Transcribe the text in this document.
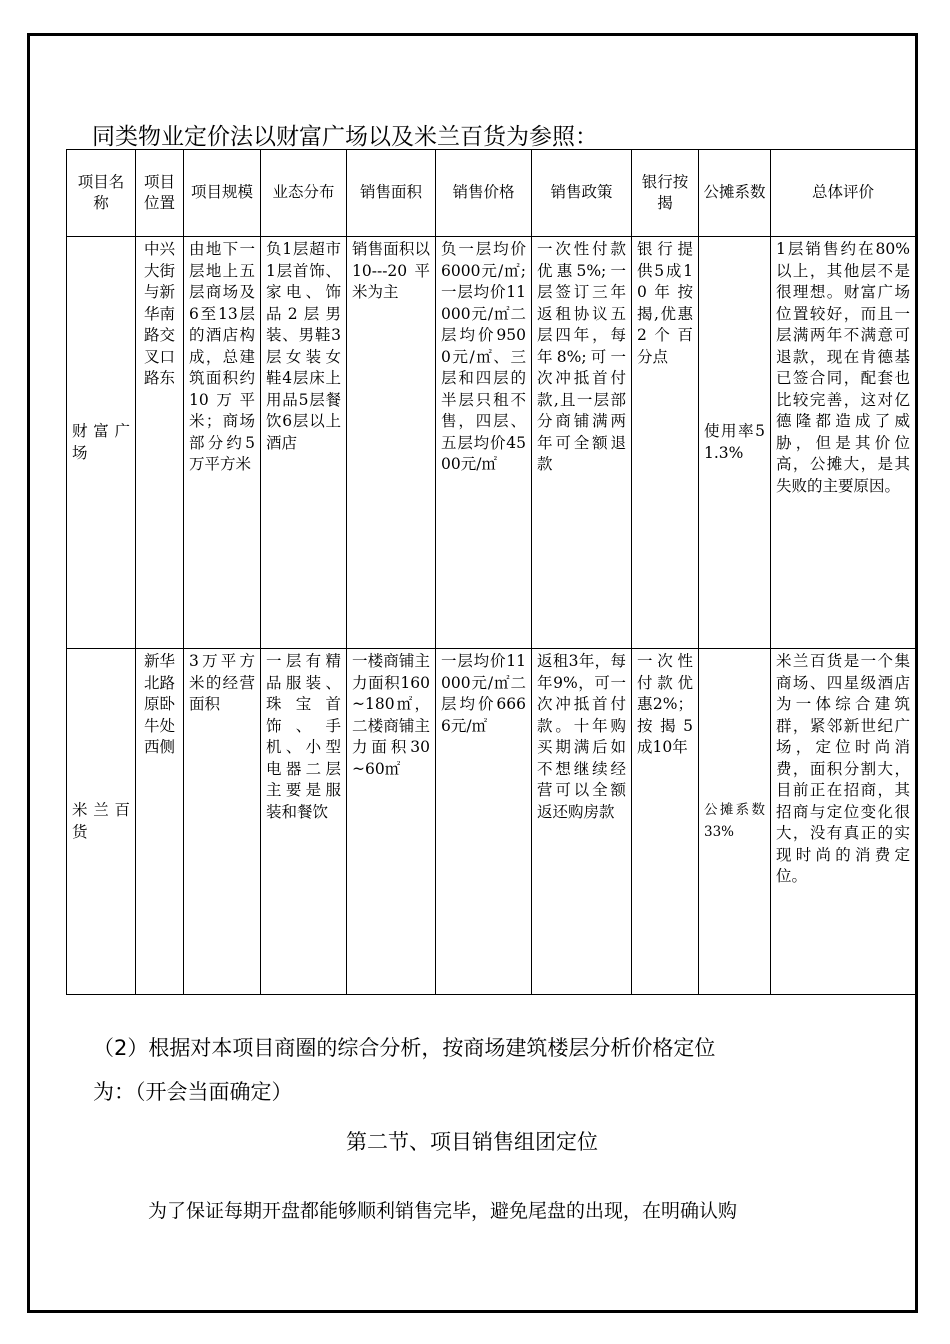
同类物业定价法以财富广场以及米兰百货为参照：
项目名称	项目位置	项目规模	业态分布	销售面积	销售价格	销售政策	银行按揭	公摊系数	总体评价
财富广场	中兴大街与新华南路交叉口路东	由地下一层地上五层商场及6至13层的酒店构成，总建筑面积约10万平米；商场部分约5万平方米	负1层超市1层首饰、家电、饰品2层男装、男鞋3层女装女鞋4层床上用品5层餐饮6层以上酒店	销售面积以10---20平米为主	负一层均价6000元/㎡;一层均价11000元/㎡二层均价9500元/㎡、三层和四层的半层只租不售，四层、五层均价4500元/㎡	一次性付款优惠5%;一层签订三年返租协议五层四年，每年8%;可一次冲抵首付款,且一层部分商铺满两年可全额退款	银行提供5成10年按揭,优惠2个百分点	使用率51.3%	1层销售约在80%以上，其他层不是很理想。财富广场位置较好，而且一层满两年不满意可退款，现在肯德基已签合同，配套也比较完善，这对亿德隆都造成了威胁，但是其价位高，公摊大，是其失败的主要原因。
米兰百货	新华北路原卧牛处西侧	3万平方米的经营面积	一层有精品服装、珠宝首饰、手机、小型电器二层主要是服装和餐饮	一楼商铺主力面积160~180㎡，二楼商铺主力面积30~60㎡	一层均价11000元/㎡二层均价6666元/㎡	返租3年，每年9%，可一次冲抵首付款。十年购买期满后如不想继续经营可以全额返还购房款	一次性付款优惠2%；按揭5成10年	公摊系数33%	米兰百货是一个集商场、四星级酒店为一体综合建筑群，紧邻新世纪广场，定位时尚消费，面积分割大，目前正在招商，其招商与定位变化很大，没有真正的实现时尚的消费定位。
（2）根据对本项目商圈的综合分析，按商场建筑楼层分析价格定位
为：（开会当面确定）
第二节、项目销售组团定位
为了保证每期开盘都能够顺利销售完毕，避免尾盘的出现，在明确认购
